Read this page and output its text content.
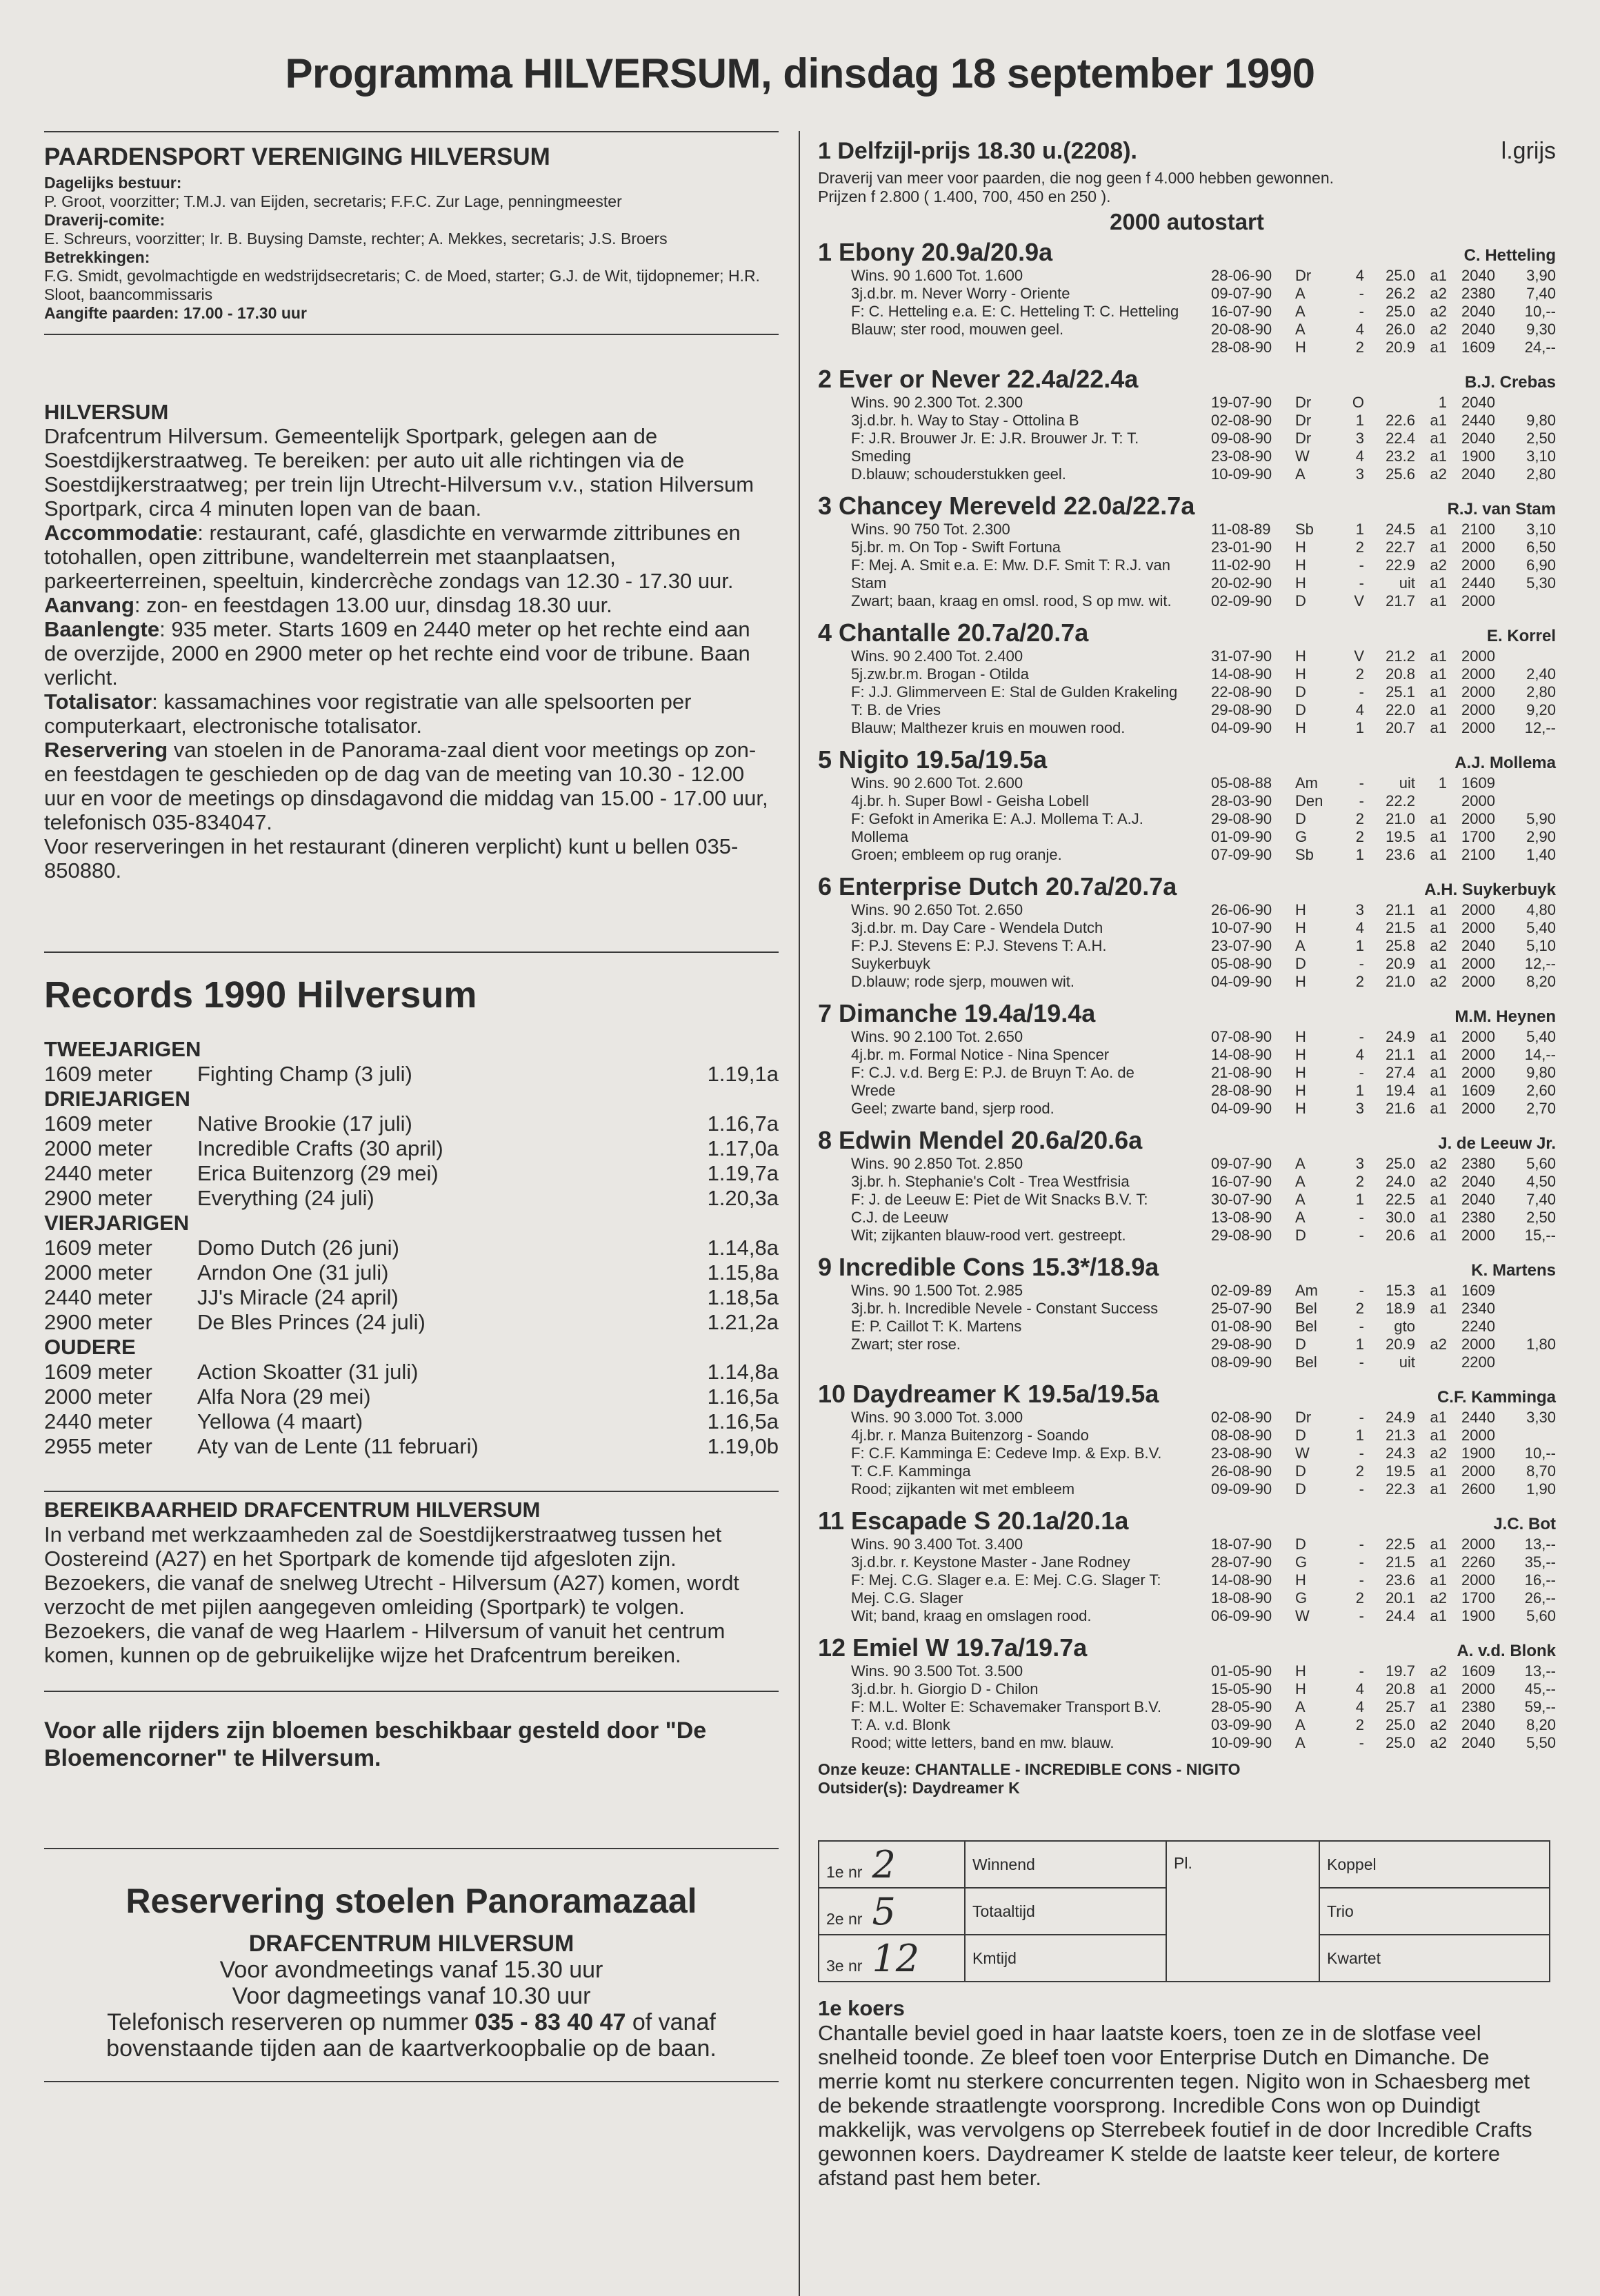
Programma HILVERSUM, dinsdag 18 september 1990
PAARDENSPORT VERENIGING HILVERSUM
Dagelijks bestuur:
P. Groot, voorzitter; T.M.J. van Eijden, secretaris; F.F.C. Zur Lage, penningmeester
Draverij-comite:
E. Schreurs, voorzitter; Ir. B. Buysing Damste, rechter; A. Mekkes, secretaris; J.S. Broers
Betrekkingen:
F.G. Smidt, gevolmachtigde en wedstrijdsecretaris; C. de Moed, starter; G.J. de Wit, tijdopnemer; H.R. Sloot, baancommissaris
Aangifte paarden: 17.00 - 17.30 uur
HILVERSUM
Drafcentrum Hilversum. Gemeentelijk Sportpark, gelegen aan de Soestdijkerstraatweg. Te bereiken: per auto uit alle richtingen via de Soestdijkerstraatweg; per trein lijn Utrecht-Hilversum v.v., station Hilversum Sportpark, circa 4 minuten lopen van de baan.
Accommodatie: restaurant, café, glasdichte en verwarmde zittribunes en totohallen, open zittribune, wandelterrein met staanplaatsen, parkeerterreinen, speeltuin, kindercrèche zondags van 12.30 - 17.30 uur. Aanvang: zon- en feestdagen 13.00 uur, dinsdag 18.30 uur.
Baanlengte: 935 meter. Starts 1609 en 2440 meter op het rechte eind aan de overzijde, 2000 en 2900 meter op het rechte eind voor de tribune. Baan verlicht.
Totalisator: kassamachines voor registratie van alle spelsoorten per computerkaart, electronische totalisator.
Reservering van stoelen in de Panorama-zaal dient voor meetings op zon- en feestdagen te geschieden op de dag van de meeting van 10.30 - 12.00 uur en voor de meetings op dinsdagavond die middag van 15.00 - 17.00 uur, telefonisch 035-834047.
Voor reserveringen in het restaurant (dineren verplicht) kunt u bellen 035-850880.
Records 1990 Hilversum
TWEEJARIGEN
1609 meter	Fighting Champ (3 juli)	1.19,1a
DRIEJARIGEN
1609 meter	Native Brookie (17 juli)	1.16,7a
2000 meter	Incredible Crafts (30 april)	1.17,0a
2440 meter	Erica Buitenzorg (29 mei)	1.19,7a
2900 meter	Everything (24 juli)	1.20,3a
VIERJARIGEN
1609 meter	Domo Dutch (26 juni)	1.14,8a
2000 meter	Arndon One (31 juli)	1.15,8a
2440 meter	JJ's Miracle (24 april)	1.18,5a
2900 meter	De Bles Princes (24 juli)	1.21,2a
OUDERE
1609 meter	Action Skoatter (31 juli)	1.14,8a
2000 meter	Alfa Nora (29 mei)	1.16,5a
2440 meter	Yellowa (4 maart)	1.16,5a
2955 meter	Aty van de Lente (11 februari)	1.19,0b
BEREIKBAARHEID DRAFCENTRUM HILVERSUM
In verband met werkzaamheden zal de Soestdijkerstraatweg tussen het Oostereind (A27) en het Sportpark de komende tijd afgesloten zijn. Bezoekers, die vanaf de snelweg Utrecht - Hilversum (A27) komen, wordt verzocht de met pijlen aangegeven omleiding (Sportpark) te volgen. Bezoekers, die vanaf de weg Haarlem - Hilversum of vanuit het centrum komen, kunnen op de gebruikelijke wijze het Drafcentrum bereiken.
Voor alle rijders zijn bloemen beschikbaar gesteld door "De Bloemencorner" te Hilversum.
Reservering stoelen Panoramazaal
DRAFCENTRUM HILVERSUM
Voor avondmeetings vanaf 15.30 uur
Voor dagmeetings vanaf 10.30 uur
Telefonisch reserveren op nummer 035 - 83 40 47 of vanaf bovenstaande tijden aan de kaartverkoopbalie op de baan.
1 Delfzijl-prijs 18.30 u.(2208).	l.grijs
Draverij van meer voor paarden, die nog geen f 4.000 hebben gewonnen.
Prijzen f 2.800 ( 1.400, 700, 450 en 250 ).
2000 autostart
1 Ebony 20.9a/20.9a	C. Hetteling
Wins. 90 1.600 Tot. 1.600
3j.d.br. m. Never Worry - Oriente
F: C. Hetteling e.a. E: C. Hetteling T: C. Hetteling
Blauw; ster rood, mouwen geel.
28-06-90	Dr	4	25.0 a1 2040	3,90
09-07-90	A	-	26.2 a2 2380	7,40
16-07-90	A	-	25.0 a2 2040	10,--
20-08-90	A	4	26.0 a2 2040	9,30
28-08-90	H	2	20.9 a1 1609	24,--
2 Ever or Never 22.4a/22.4a	B.J. Crebas
Wins. 90 2.300 Tot. 2.300
3j.d.br. h. Way to Stay - Ottolina B
F: J.R. Brouwer Jr. E: J.R. Brouwer Jr. T: T.
Smeding
D.blauw; schouderstukken geel.
19-07-90	Dr	O	1 2040
02-08-90	Dr	1	22.6 a1 2440	9,80
09-08-90	Dr	3	22.4 a1 2040	2,50
23-08-90	W	4	23.2 a1 1900	3,10
10-09-90	A	3	25.6 a2 2040	2,80
3 Chancey Mereveld 22.0a/22.7a	R.J. van Stam
Wins. 90 750 Tot. 2.300
5j.br. m. On Top - Swift Fortuna
F: Mej. A. Smit e.a. E: Mw. D.F. Smit T: R.J. van
Stam
Zwart; baan, kraag en omsl. rood, S op mw. wit.
11-08-89	Sb	1	24.5 a1 2100	3,10
23-01-90	H	2	22.7 a1 2000	6,50
11-02-90	H	-	22.9 a2 2000	6,90
20-02-90	H	-	uit a1 2440	5,30
02-09-90	D	V	21.7 a1 2000
4 Chantalle 20.7a/20.7a	E. Korrel
Wins. 90 2.400 Tot. 2.400
5j.zw.br.m. Brogan - Otilda
F: J.J. Glimmerveen E: Stal de Gulden Krakeling
T: B. de Vries
Blauw; Malthezer kruis en mouwen rood.
31-07-90	H	V	21.2 a1 2000
14-08-90	H	2	20.8 a1 2000	2,40
22-08-90	D	-	25.1 a1 2000	2,80
29-08-90	D	4	22.0 a1 2000	9,20
04-09-90	H	1	20.7 a1 2000	12,--
5 Nigito 19.5a/19.5a	A.J. Mollema
Wins. 90 2.600 Tot. 2.600
4j.br. h. Super Bowl - Geisha Lobell
F: Gefokt in Amerika E: A.J. Mollema T: A.J.
Mollema
Groen; embleem op rug oranje.
05-08-88	Am	-	uit	1 1609
28-03-90	Den	-	22.2	2000
29-08-90	D	2	21.0 a1 2000	5,90
01-09-90	G	2	19.5 a1 1700	2,90
07-09-90	Sb	1	23.6 a1 2100	1,40
6 Enterprise Dutch 20.7a/20.7a	A.H. Suykerbuyk
Wins. 90 2.650 Tot. 2.650
3j.d.br. m. Day Care - Wendela Dutch
F: P.J. Stevens E: P.J. Stevens T: A.H.
Suykerbuyk
D.blauw; rode sjerp, mouwen wit.
26-06-90	H	3	21.1 a1 2000	4,80
10-07-90	H	4	21.5 a1 2000	5,40
23-07-90	A	1	25.8 a2 2040	5,10
05-08-90	D	-	20.9 a1 2000	12,--
04-09-90	H	2	21.0 a2 2000	8,20
7 Dimanche 19.4a/19.4a	M.M. Heynen
Wins. 90 2.100 Tot. 2.650
4j.br. m. Formal Notice - Nina Spencer
F: C.J. v.d. Berg E: P.J. de Bruyn T: Ao. de
Wrede
Geel; zwarte band, sjerp rood.
07-08-90	H	-	24.9 a1 2000	5,40
14-08-90	H	4	21.1 a1 2000	14,--
21-08-90	H	-	27.4 a1 2000	9,80
28-08-90	H	1	19.4 a1 1609	2,60
04-09-90	H	3	21.6 a1 2000	2,70
8 Edwin Mendel 20.6a/20.6a	J. de Leeuw Jr.
Wins. 90 2.850 Tot. 2.850
3j.br. h. Stephanie's Colt - Trea Westfrisia
F: J. de Leeuw E: Piet de Wit Snacks B.V. T:
C.J. de Leeuw
Wit; zijkanten blauw-rood vert. gestreept.
09-07-90	A	3	25.0 a2 2380	5,60
16-07-90	A	2	24.0 a2 2040	4,50
30-07-90	A	1	22.5 a1 2040	7,40
13-08-90	A	-	30.0 a1 2380	2,50
29-08-90	D	-	20.6 a1 2000	15,--
9 Incredible Cons 15.3*/18.9a	K. Martens
Wins. 90 1.500 Tot. 2.985
3j.br. h. Incredible Nevele - Constant Success
E: P. Caillot T: K. Martens
Zwart; ster rose.
02-09-89	Am	-	15.3 a1 1609
25-07-90	Bel	2	18.9 a1 2340
01-08-90	Bel	-	gto	2240
29-08-90	D	1	20.9 a2 2000	1,80
08-09-90	Bel	-	uit	2200
10 Daydreamer K 19.5a/19.5a	C.F. Kamminga
Wins. 90 3.000 Tot. 3.000
4j.br. r. Manza Buitenzorg - Soando
F: C.F. Kamminga E: Cedeve Imp. & Exp. B.V.
T: C.F. Kamminga
Rood; zijkanten wit met embleem
02-08-90	Dr	-	24.9 a1 2440	3,30
08-08-90	D	1	21.3 a1 2000
23-08-90	W	-	24.3 a2 1900	10,--
26-08-90	D	2	19.5 a1 2000	8,70
09-09-90	D	-	22.3 a1 2600	1,90
11 Escapade S 20.1a/20.1a	J.C. Bot
Wins. 90 3.400 Tot. 3.400
3j.d.br. r. Keystone Master - Jane Rodney
F: Mej. C.G. Slager e.a. E: Mej. C.G. Slager T:
Mej. C.G. Slager
Wit; band, kraag en omslagen rood.
18-07-90	D	-	22.5 a1 2000	13,--
28-07-90	G	-	21.5 a1 2260	35,--
14-08-90	H	-	23.6 a1 2000	16,--
18-08-90	G	2	20.1 a2 1700	26,--
06-09-90	W	-	24.4 a1 1900	5,60
12 Emiel W 19.7a/19.7a	A. v.d. Blonk
Wins. 90 3.500 Tot. 3.500
3j.d.br. h. Giorgio D - Chilon
F: M.L. Wolter E: Schavemaker Transport B.V.
T: A. v.d. Blonk
Rood; witte letters, band en mw. blauw.
01-05-90	H	-	19.7 a2 1609	13,--
15-05-90	H	4	20.8 a1 2000	45,--
28-05-90	A	4	25.7 a1 2380	59,--
03-09-90	A	2	25.0 a2 2040	8,20
10-09-90	A	-	25.0 a2 2040	5,50
Onze keuze: CHANTALLE - INCREDIBLE CONS - NIGITO
Outsider(s): Daydreamer K
1e nr 2	Winnend	Pl.	Koppel
2e nr 5	Totaaltijd		Trio
3e nr 12	Kmtijd		Kwartet
1e koers
Chantalle beviel goed in haar laatste koers, toen ze in de slotfase veel snelheid toonde. Ze bleef toen voor Enterprise Dutch en Dimanche. De merrie komt nu sterkere concurrenten tegen. Nigito won in Schaesberg met de bekende straatlengte voorsprong. Incredible Cons won op Duindigt makkelijk, was vervolgens op Sterrebeek foutief in de door Incredible Crafts gewonnen koers. Daydreamer K stelde de laatste keer teleur, de kortere afstand past hem beter.
